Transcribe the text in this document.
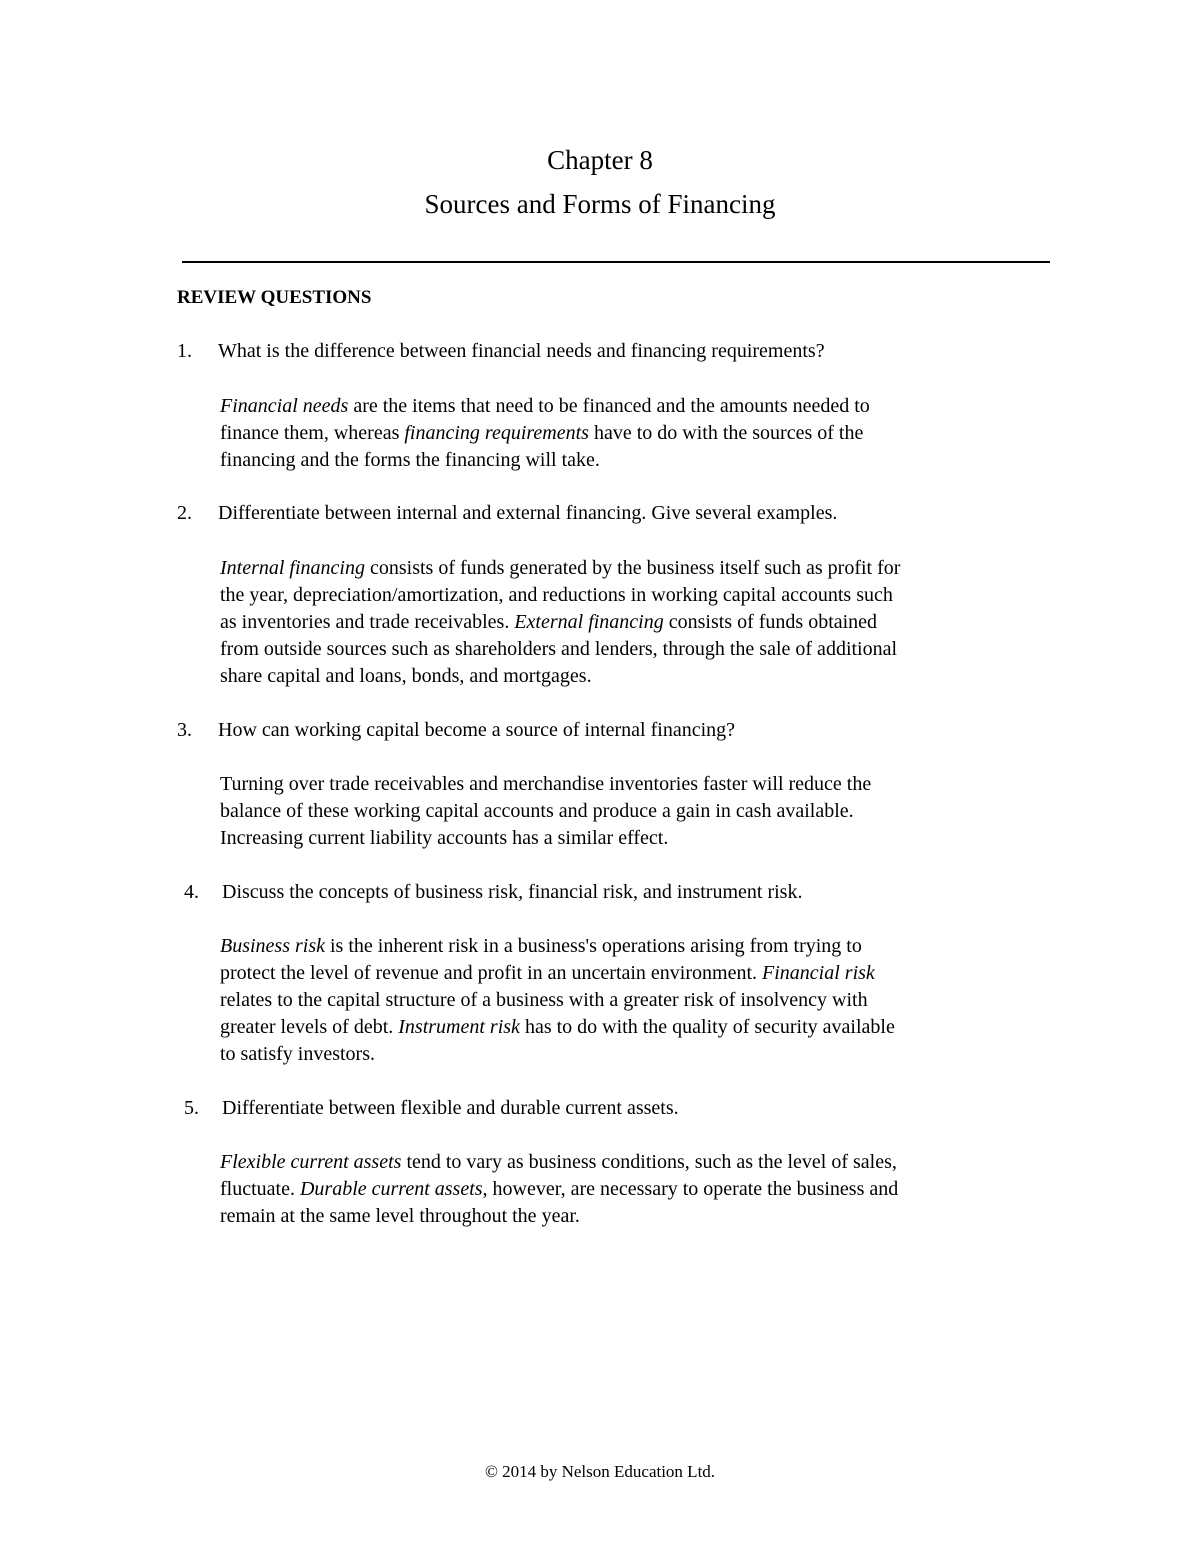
Chapter 8
Sources and Forms of Financing
REVIEW QUESTIONS
1. What is the difference between financial needs and financing requirements?
Financial needs are the items that need to be financed and the amounts needed to
finance them, whereas financing requirements have to do with the sources of the
financing and the forms the financing will take.
2. Differentiate between internal and external financing. Give several examples.
Internal financing consists of funds generated by the business itself such as profit for
the year, depreciation/amortization, and reductions in working capital accounts such
as inventories and trade receivables. External financing consists of funds obtained
from outside sources such as shareholders and lenders, through the sale of additional
share capital and loans, bonds, and mortgages.
3. How can working capital become a source of internal financing?
Turning over trade receivables and merchandise inventories faster will reduce the
balance of these working capital accounts and produce a gain in cash available.
Increasing current liability accounts has a similar effect.
4. Discuss the concepts of business risk, financial risk, and instrument risk.
Business risk is the inherent risk in a business's operations arising from trying to
protect the level of revenue and profit in an uncertain environment. Financial risk
relates to the capital structure of a business with a greater risk of insolvency with
greater levels of debt. Instrument risk has to do with the quality of security available
to satisfy investors.
5. Differentiate between flexible and durable current assets.
Flexible current assets tend to vary as business conditions, such as the level of sales,
fluctuate. Durable current assets, however, are necessary to operate the business and
remain at the same level throughout the year.
© 2014 by Nelson Education Ltd.
